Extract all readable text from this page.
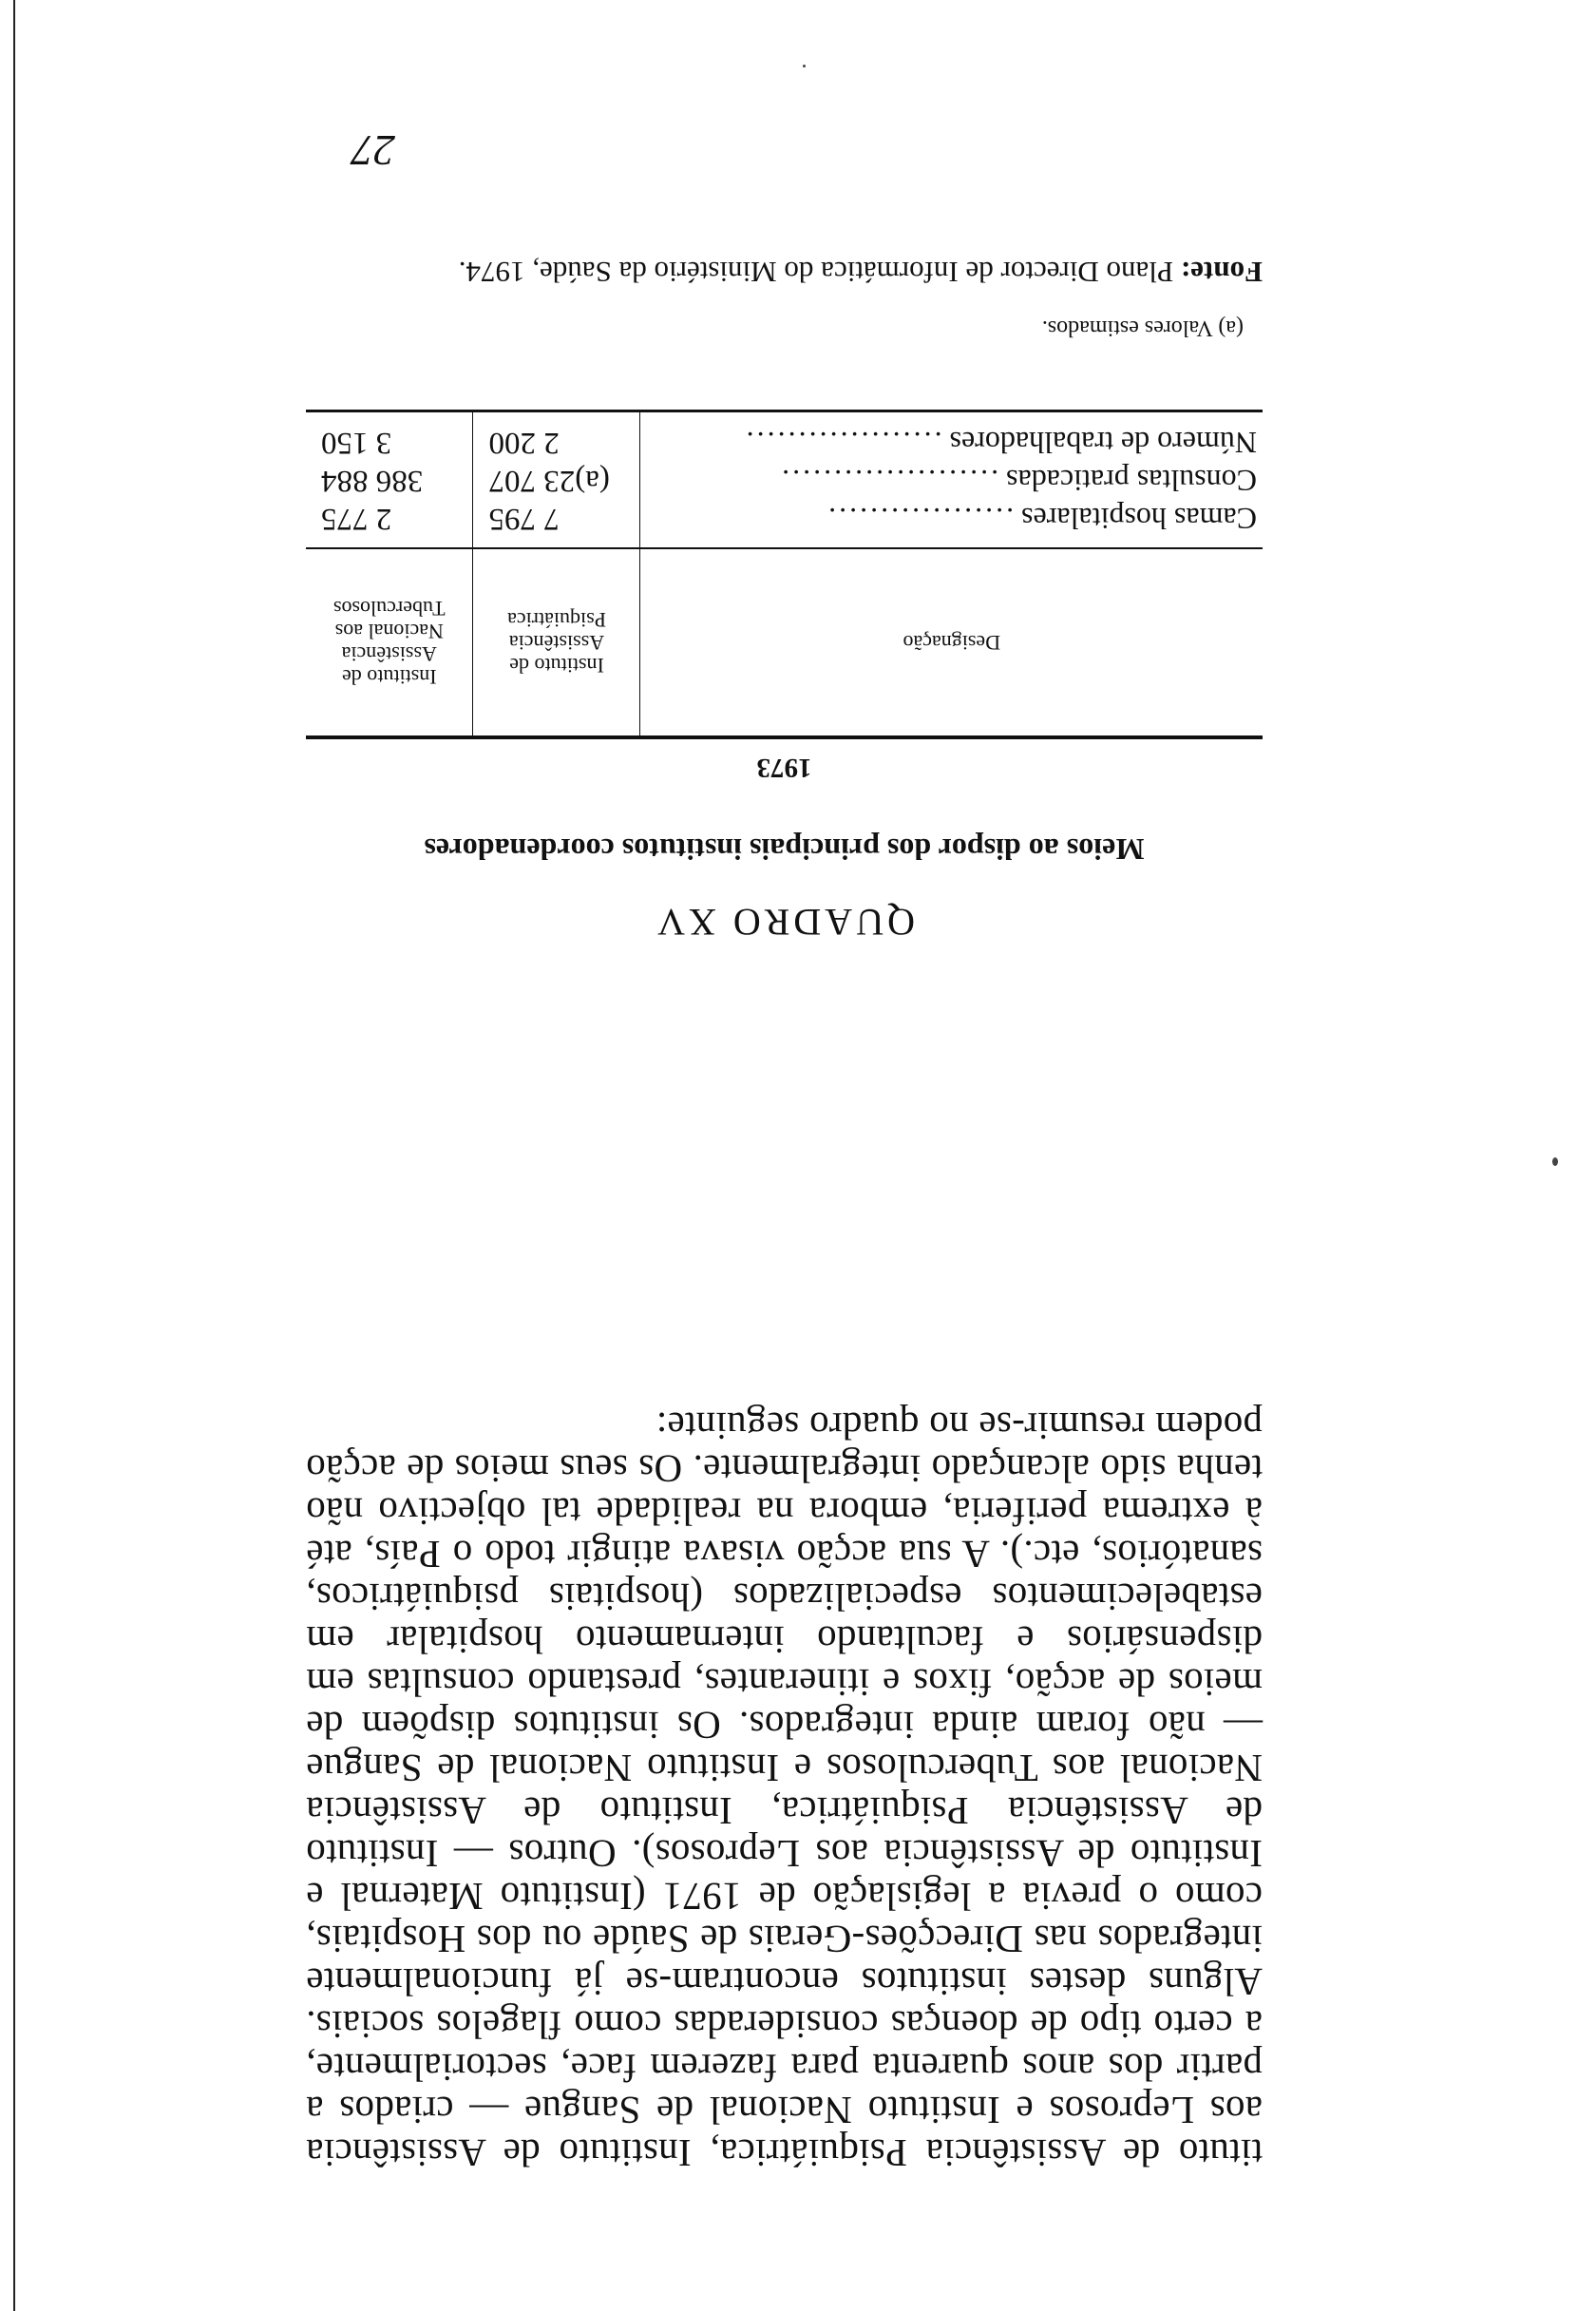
tituto de Assistência Psiquiátrica, Instituto de Assistência aos Leprosos e Instituto Nacional de Sangue — criados a partir dos anos quarenta para fazerem face, sectorialmente, a certo tipo de doenças consideradas como flagelos sociais. Alguns destes institutos encontram-se já funcionalmente integrados nas Direcções-Gerais de Saúde ou dos Hospitais, como o previa a legislação de 1971 (Instituto Maternal e Instituto de Assistência aos Leprosos). Outros — Instituto de Assistência Psiquiátrica, Instituto de Assistência Nacional aos Tuberculosos e Instituto Nacional de Sangue — não foram ainda integrados. Os institutos dispõem de meios de acção, fixos e itinerantes, prestando consultas em dispensários e facultando internamento hospitalar em estabelecimentos especializados (hospitais psiquiátricos, sanatórios, etc.). A sua acção visava atingir todo o País, até à extrema periferia, embora na realidade tal objectivo não tenha sido alcançado integralmente. Os seus meios de acção podem resumir-se no quadro seguinte:

QUADRO XV
Meios ao dispor dos principais institutos coordenadores
1973
Designação	Instituto de Assistência Psiquiátrica	Instituto de Assistência Nacional aos Tuberculosos
Camas hospitalares ..................	7 795	2 775
Consultas praticadas .....................	(a)23 707	386 884
Número de trabalhadores ...................	2 200	3 150
(a) Valores estimados.
Fonte: Plano Director de Informática do Ministério da Saúde, 1974.
27
